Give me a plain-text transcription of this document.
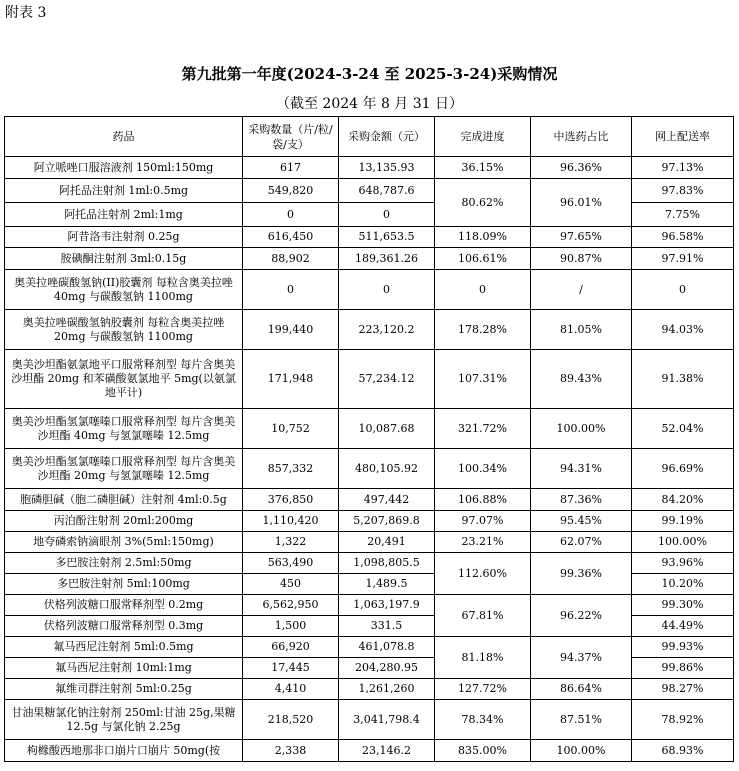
附表 3
第九批第一年度(2024-3-24 至 2025-3-24)采购情况
（截至 2024 年 8 月 31 日）
药品	采购数量（片/粒/袋/支）	采购金额（元）	完成进度	中选药占比	网上配送率
阿立哌唑口服溶液剂 150ml:150mg	617	13,135.93	36.15%	96.36%	97.13%
阿托品注射剂 1ml:0.5mg	549,820	648,787.6	80.62%	96.01%	97.83%
阿托品注射剂 2ml:1mg	0	0			7.75%
阿昔洛韦注射剂 0.25g	616,450	511,653.5	118.09%	97.65%	96.58%
胺碘酮注射剂 3ml:0.15g	88,902	189,361.26	106.61%	90.87%	97.91%
奥美拉唑碳酸氢钠(II)胶囊剂 每粒含奥美拉唑 40mg 与碳酸氢钠 1100mg	0	0	0	/	0
奥美拉唑碳酸氢钠胶囊剂 每粒含奥美拉唑 20mg 与碳酸氢钠 1100mg	199,440	223,120.2	178.28%	81.05%	94.03%
奥美沙坦酯氨氯地平口服常释剂型 每片含奥美沙坦酯 20mg 和苯磺酸氨氯地平 5mg(以氨氯地平计)	171,948	57,234.12	107.31%	89.43%	91.38%
奥美沙坦酯氢氯噻嗪口服常释剂型 每片含奥美沙坦酯 40mg 与氢氯噻嗪 12.5mg	10,752	10,087.68	321.72%	100.00%	52.04%
奥美沙坦酯氢氯噻嗪口服常释剂型 每片含奥美沙坦酯 20mg 与氢氯噻嗪 12.5mg	857,332	480,105.92	100.34%	94.31%	96.69%
胞磷胆碱（胞二磷胆碱）注射剂 4ml:0.5g	376,850	497,442	106.88%	87.36%	84.20%
丙泊酚注射剂 20ml:200mg	1,110,420	5,207,869.8	97.07%	95.45%	99.19%
地夸磷索钠滴眼剂 3%(5ml:150mg)	1,322	20,491	23.21%	62.07%	100.00%
多巴胺注射剂 2.5ml:50mg	563,490	1,098,805.5	112.60%	99.36%	93.96%
多巴胺注射剂 5ml:100mg	450	1,489.5			10.20%
伏格列波糖口服常释剂型 0.2mg	6,562,950	1,063,197.9	67.81%	96.22%	99.30%
伏格列波糖口服常释剂型 0.3mg	1,500	331.5			44.49%
氟马西尼注射剂 5ml:0.5mg	66,920	461,078.8	81.18%	94.37%	99.93%
氟马西尼注射剂 10ml:1mg	17,445	204,280.95			99.86%
氟维司群注射剂 5ml:0.25g	4,410	1,261,260	127.72%	86.64%	98.27%
甘油果糖氯化钠注射剂 250ml:甘油 25g,果糖 12.5g 与氯化钠 2.25g	218,520	3,041,798.4	78.34%	87.51%	78.92%
枸橼酸西地那非口崩片口崩片 50mg(按	2,338	23,146.2	835.00%	100.00%	68.93%
